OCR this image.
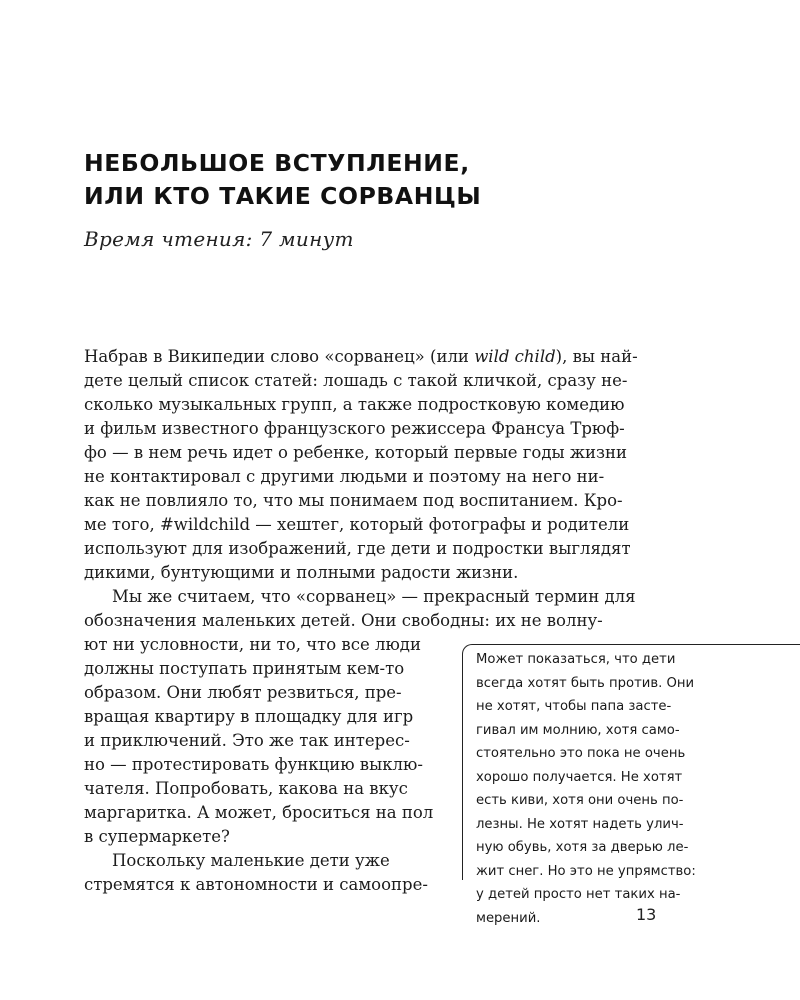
НЕБОЛЬШОЕ ВСТУПЛЕНИЕ,
ИЛИ КТО ТАКИЕ СОРВАНЦЫ

Время чтения: 7 минут

Набрав в Википедии слово «сорванец» (или wild child), вы най-
дете целый список статей: лошадь с такой кличкой, сразу не-
сколько музыкальных групп, а также подростковую комедию
и фильм известного французского режиссера Франсуа Трюф-
фо — в нем речь идет о ребенке, который первые годы жизни
не контактировал с другими людьми и поэтому на него ни-
как не повлияло то, что мы понимаем под воспитанием. Кро-
ме того, #wildchild — хештег, который фотографы и родители
используют для изображений, где дети и подростки выглядят
дикими, бунтующими и полными радости жизни.
Мы же считаем, что «сорванец» — прекрасный термин для
обозначения маленьких детей. Они свободны: их не волну-
ют ни условности, ни то, что все люди
должны поступать принятым кем-то
образом. Они любят резвиться, пре-
вращая квартиру в площадку для игр
и приключений. Это же так интерес-
но — протестировать функцию выклю-
чателя. Попробовать, какова на вкус
маргаритка. А может, броситься на пол
в супермаркете?
Поскольку маленькие дети уже
стремятся к автономности и самоопре-
Может показаться, что дети
всегда хотят быть против. Они
не хотят, чтобы папа засте-
гивал им молнию, хотя само-
стоятельно это пока не очень
хорошо получается. Не хотят
есть киви, хотя они очень по-
лезны. Не хотят надеть улич-
ную обувь, хотя за дверью ле-
жит снег. Но это не упрямство:
у детей просто нет таких на-
мерений.	13
